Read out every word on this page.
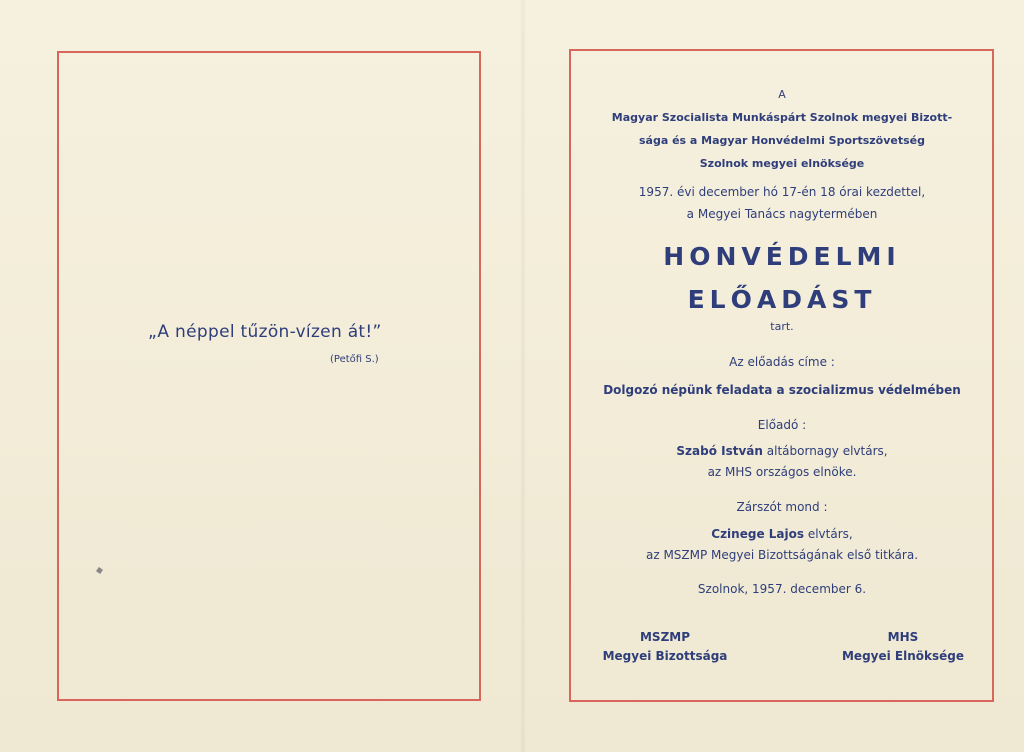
„A néppel tűzön-vízen át!”
(Petőfi S.)
A
Magyar Szocialista Munkáspárt Szolnok megyei Bizott-
sága és a Magyar Honvédelmi Sportszövetség
Szolnok megyei elnöksége
1957. évi december hó 17-én 18 órai kezdettel,
a Megyei Tanács nagytermében
HONVÉDELMI
ELŐADÁST
tart.
Az előadás címe :
Dolgozó népünk feladata a szocializmus védelmében
Előadó :
Szabó István altábornagy elvtárs,
az MHS országos elnöke.
Zárszót mond :
Czinege Lajos elvtárs,
az MSZMP Megyei Bizottságának első titkára.
Szolnok, 1957. december 6.
MSZMP
Megyei Bizottsága
MHS
Megyei Elnöksége
